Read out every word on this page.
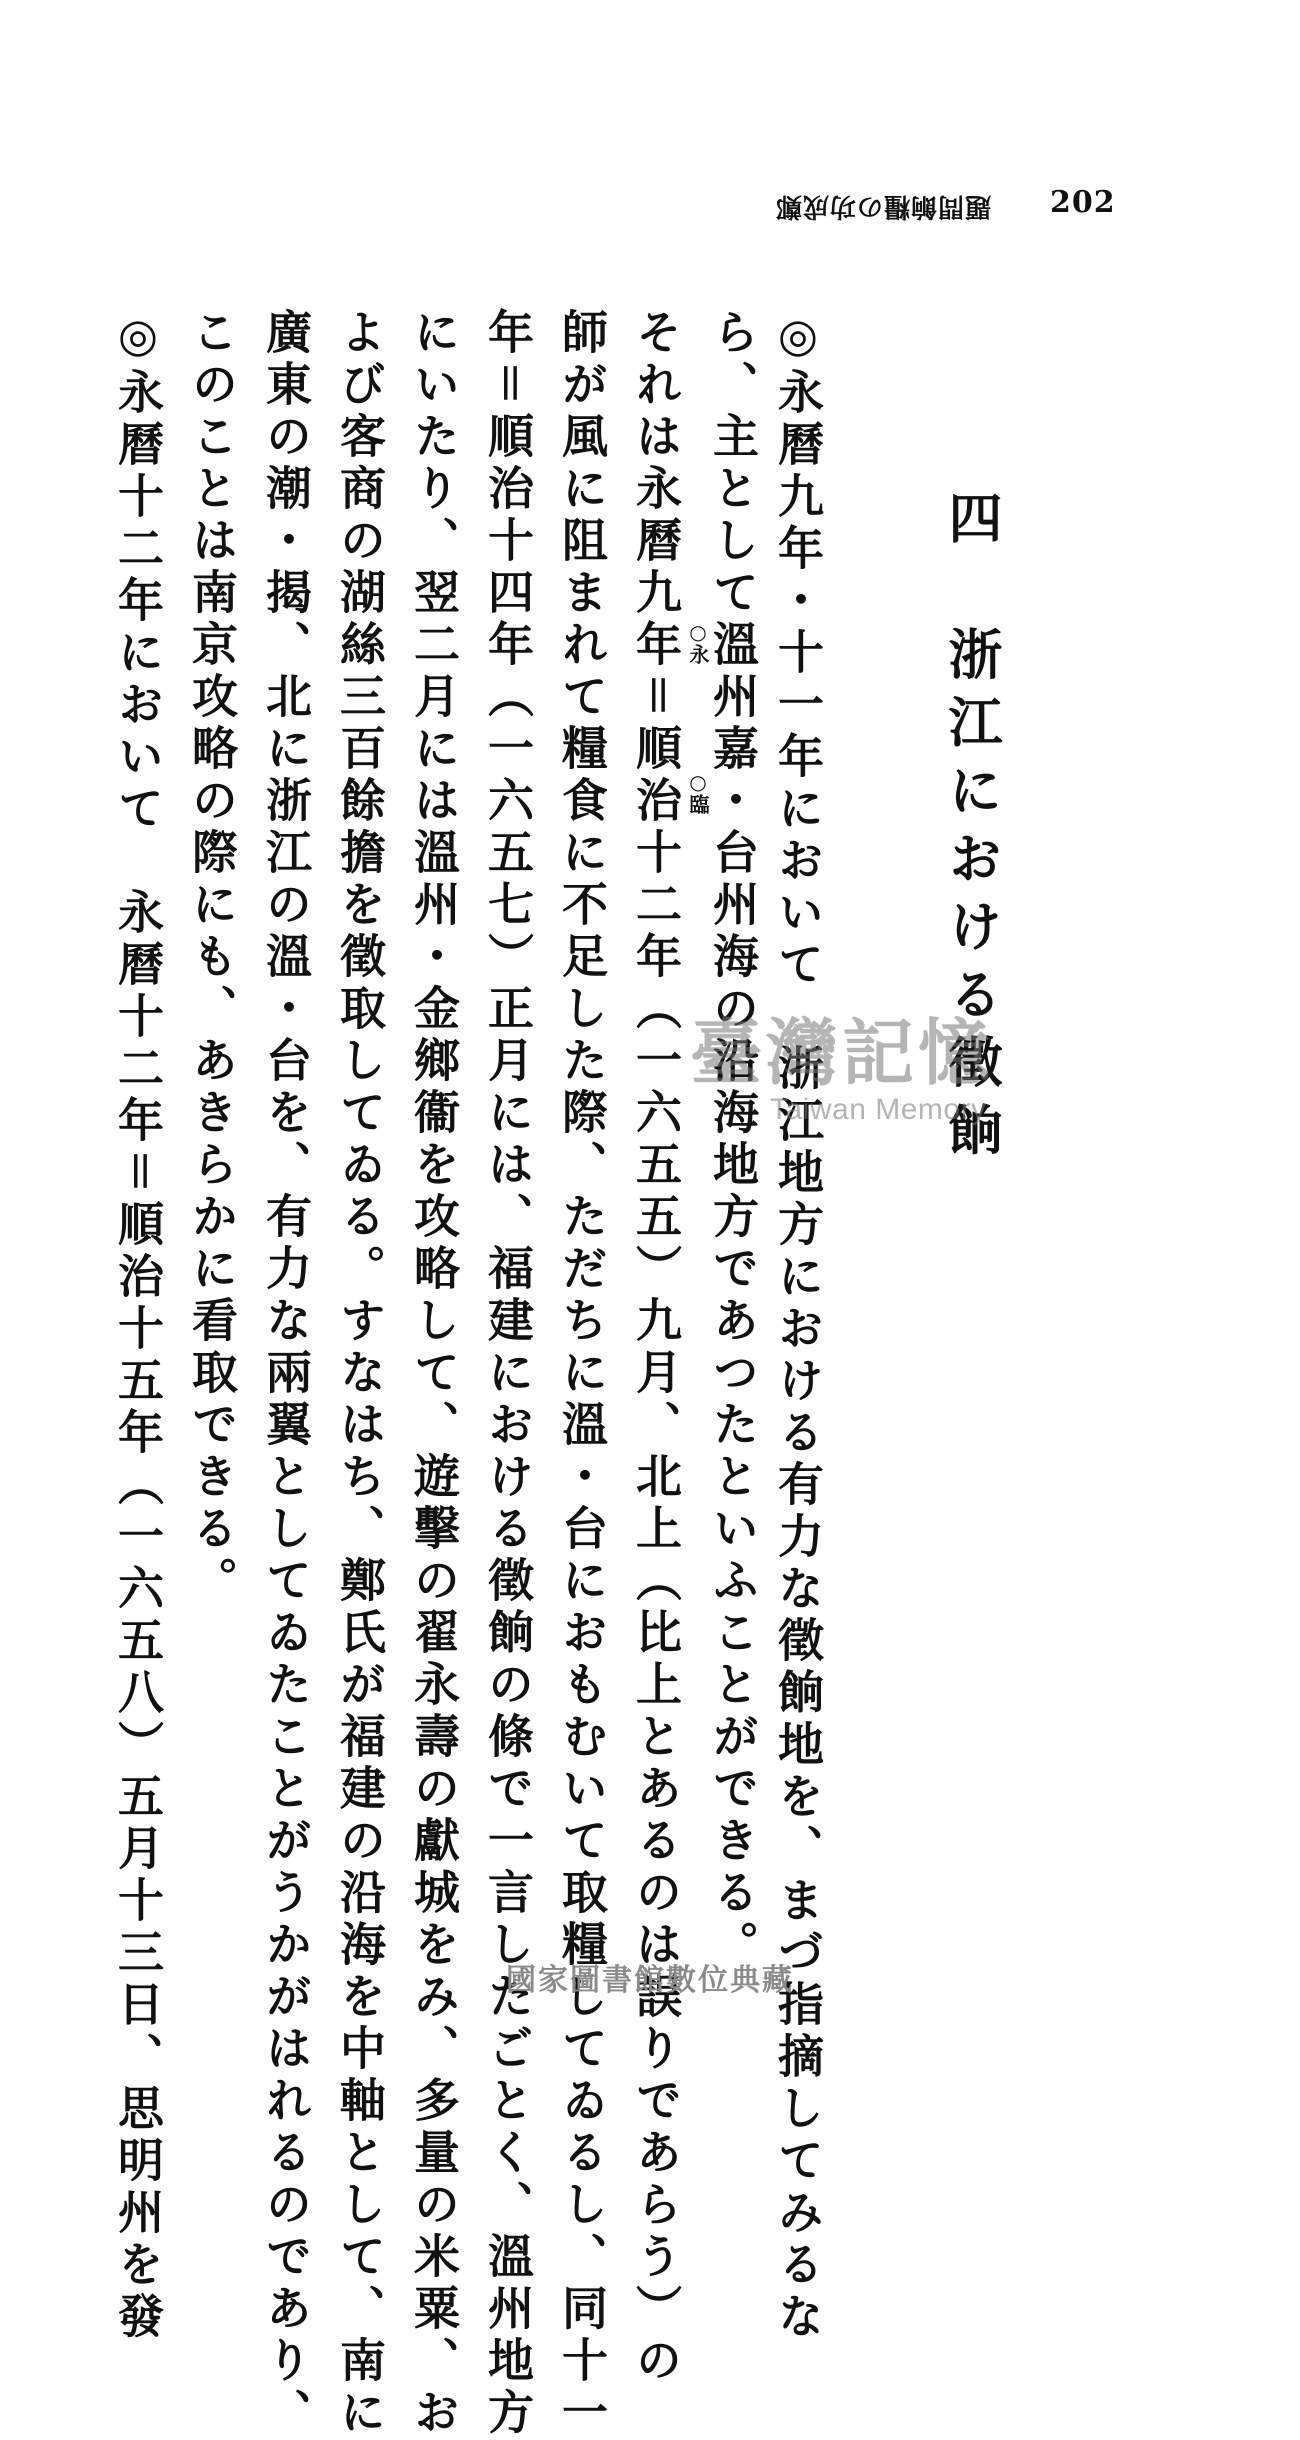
202
題問餉糧の功成鄭
四　浙江における徵餉
◎永曆九年・十一年において　浙江地方における有力な徵餉地を、まづ指摘してみるな
ら、主として溫州嘉・台州海の沿海地方であつたといふことができる。
○永
○臨
それは永曆九年＝順治十二年（一六五五）九月、北上（比上とあるのは誤りであらう）の
師が風に阻まれて糧食に不足した際、ただちに溫・台におもむいて取糧してゐるし、同十一
年＝順治十四年（一六五七）正月には、福建における徵餉の條で一言したごとく、溫州地方
にいたり、翌二月には溫州・金鄉衞を攻略して、遊擊の翟永壽の獻城をみ、多量の米粟、お
よび客商の湖絲三百餘擔を徵取してゐる。すなはち、鄭氏が福建の沿海を中軸として、南に
廣東の潮・揭、北に浙江の溫・台を、有力な兩翼としてゐたことがうかがはれるのであり、
このことは南京攻略の際にも、あきらかに看取できる。
◎永曆十二年において　永曆十二年＝順治十五年（一六五八）五月十三日、思明州を發	臺灣記憶
Taiwan Memory
國家圖書館數位典藏
